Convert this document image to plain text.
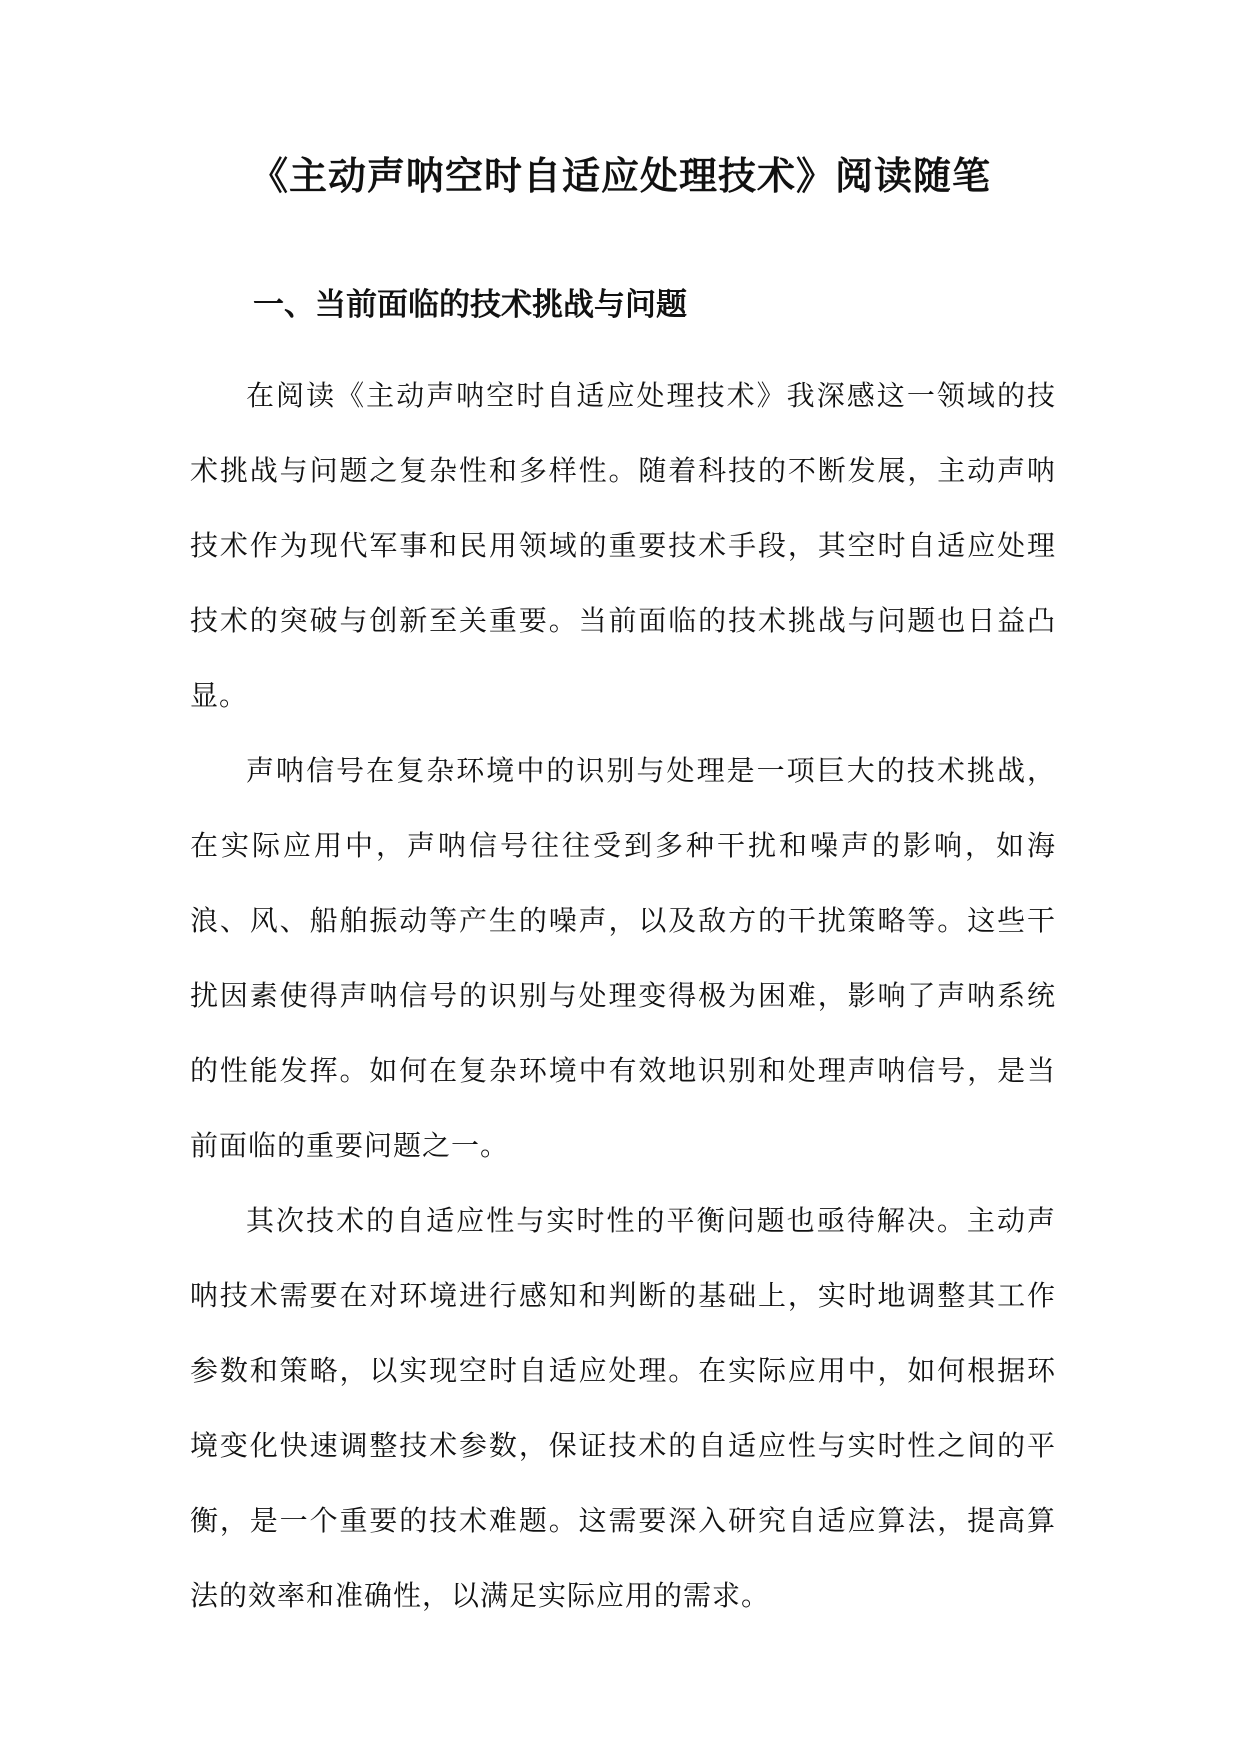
《主动声呐空时自适应处理技术》阅读随笔
一、当前面临的技术挑战与问题

在阅读《主动声呐空时自适应处理技术》我深感这一领域的技术挑战与问题之复杂性和多样性。随着科技的不断发展，主动声呐技术作为现代军事和民用领域的重要技术手段，其空时自适应处理技术的突破与创新至关重要。当前面临的技术挑战与问题也日益凸显。

声呐信号在复杂环境中的识别与处理是一项巨大的技术挑战，在实际应用中，声呐信号往往受到多种干扰和噪声的影响，如海浪、风、船舶振动等产生的噪声，以及敌方的干扰策略等。这些干扰因素使得声呐信号的识别与处理变得极为困难，影响了声呐系统的性能发挥。如何在复杂环境中有效地识别和处理声呐信号，是当前面临的重要问题之一。

其次技术的自适应性与实时性的平衡问题也亟待解决。主动声呐技术需要在对环境进行感知和判断的基础上，实时地调整其工作参数和策略，以实现空时自适应处理。在实际应用中，如何根据环境变化快速调整技术参数，保证技术的自适应性与实时性之间的平衡，是一个重要的技术难题。这需要深入研究自适应算法，提高算法的效率和准确性，以满足实际应用的需求。
